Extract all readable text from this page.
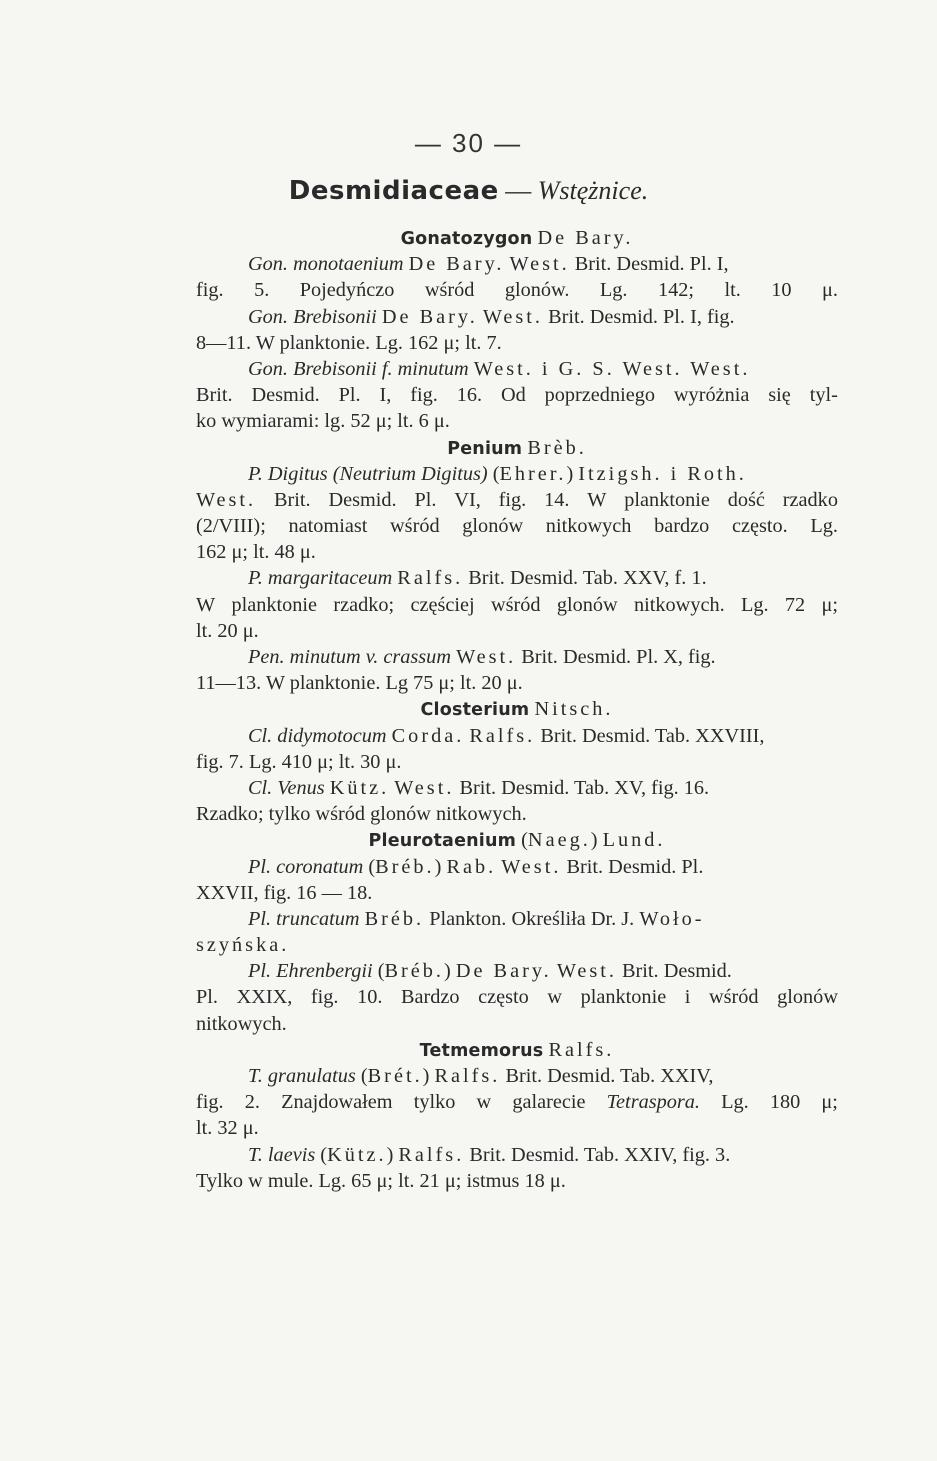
— 30 —
Desmidiaceae — Wstężnice.
Gonatozygon De Bary.
Gon. monotaenium De Bary. West. Brit. Desmid. Pl. I,
fig. 5. Pojedyńczo wśród glonów. Lg. 142; lt. 10 μ.
Gon. Brebisonii De Bary. West. Brit. Desmid. Pl. I, fig.
8—11. W planktonie. Lg. 162 μ; lt. 7.
Gon. Brebisonii f. minutum West. i G. S. West. West.
Brit. Desmid. Pl. I, fig. 16. Od poprzedniego wyróżnia się tyl-
ko wymiarami: lg. 52 μ; lt. 6 μ.
Penium Brèb.
P. Digitus (Neutrium Digitus) (Ehrer.) Itzigsh. i Roth.
West. Brit. Desmid. Pl. VI, fig. 14. W planktonie dość rzadko
(2/VIII); natomiast wśród glonów nitkowych bardzo często. Lg.
162 μ; lt. 48 μ.
P. margaritaceum Ralfs. Brit. Desmid. Tab. XXV, f. 1.
W planktonie rzadko; częściej wśród glonów nitkowych. Lg. 72 μ;
lt. 20 μ.
Pen. minutum v. crassum West. Brit. Desmid. Pl. X, fig.
11—13. W planktonie. Lg 75 μ; lt. 20 μ.
Closterium Nitsch.
Cl. didymotocum Corda. Ralfs. Brit. Desmid. Tab. XXVIII,
fig. 7. Lg. 410 μ; lt. 30 μ.
Cl. Venus Kütz. West. Brit. Desmid. Tab. XV, fig. 16.
Rzadko; tylko wśród glonów nitkowych.
Pleurotaenium (Naeg.) Lund.
Pl. coronatum (Bréb.) Rab. West. Brit. Desmid. Pl.
XXVII, fig. 16 — 18.
Pl. truncatum Bréb. Plankton. Określiła Dr. J. Woło-
szyńska.
Pl. Ehrenbergii (Bréb.) De Bary. West. Brit. Desmid.
Pl. XXIX, fig. 10. Bardzo często w planktonie i wśród glonów
nitkowych.
Tetmemorus Ralfs.
T. granulatus (Brét.) Ralfs. Brit. Desmid. Tab. XXIV,
fig. 2. Znajdowałem tylko w galarecie Tetraspora. Lg. 180 μ;
lt. 32 μ.
T. laevis (Kütz.) Ralfs. Brit. Desmid. Tab. XXIV, fig. 3.
Tylko w mule. Lg. 65 μ; lt. 21 μ; istmus 18 μ.
